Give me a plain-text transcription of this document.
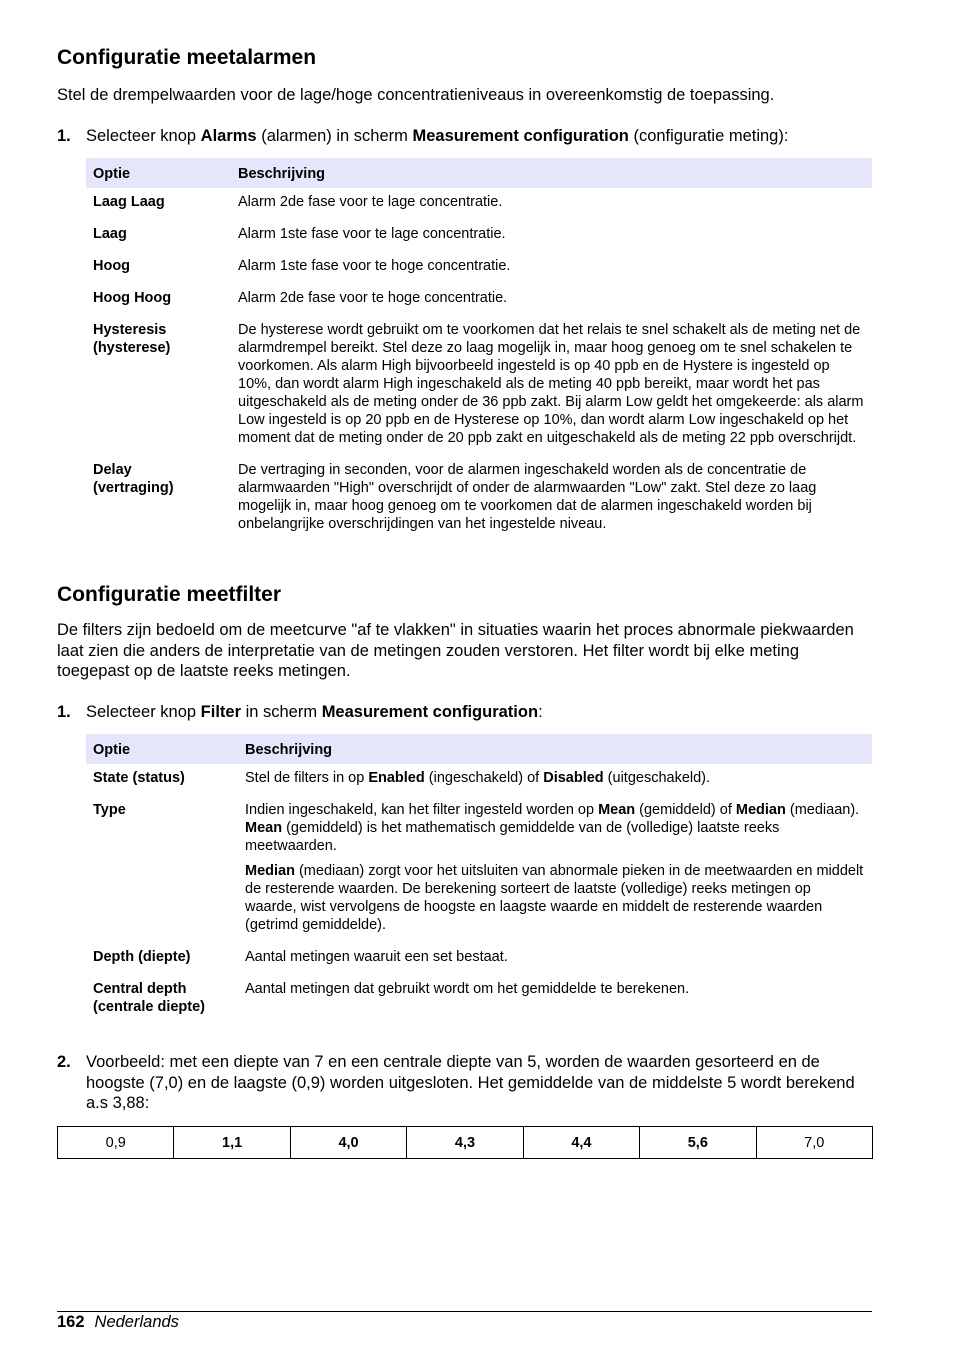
Configuratie meetalarmen
Stel de drempelwaarden voor de lage/hoge concentratieniveaus in overeenkomstig de toepassing.
1. Selecteer knop Alarms (alarmen) in scherm Measurement configuration (configuratie meting):
Optie	Beschrijving
Laag Laag	Alarm 2de fase voor te lage concentratie.
Laag	Alarm 1ste fase voor te lage concentratie.
Hoog	Alarm 1ste fase voor te hoge concentratie.
Hoog Hoog	Alarm 2de fase voor te hoge concentratie.
Hysteresis
(hysterese)	De hysterese wordt gebruikt om te voorkomen dat het relais te snel schakelt als de meting net de alarmdrempel bereikt. Stel deze zo laag mogelijk in, maar hoog genoeg om te snel schakelen te voorkomen. Als alarm High bijvoorbeeld ingesteld is op 40 ppb en de Hystere is ingesteld op 10%, dan wordt alarm High ingeschakeld als de meting 40 ppb bereikt, maar wordt het pas uitgeschakeld als de meting onder de 36 ppb zakt. Bij alarm Low geldt het omgekeerde: als alarm Low ingesteld is op 20 ppb en de Hysterese op 10%, dan wordt alarm Low ingeschakeld op het moment dat de meting onder de 20 ppb zakt en uitgeschakeld als de meting 22 ppb overschrijdt.
Delay
(vertraging)	De vertraging in seconden, voor de alarmen ingeschakeld worden als de concentratie de alarmwaarden "High" overschrijdt of onder de alarmwaarden "Low" zakt. Stel deze zo laag mogelijk in, maar hoog genoeg om te voorkomen dat de alarmen ingeschakeld worden bij onbelangrijke overschrijdingen van het ingestelde niveau.
Configuratie meetfilter
De filters zijn bedoeld om de meetcurve "af te vlakken" in situaties waarin het proces abnormale piekwaarden laat zien die anders de interpretatie van de metingen zouden verstoren. Het filter wordt bij elke meting toegepast op de laatste reeks metingen.
1. Selecteer knop Filter in scherm Measurement configuration:
Optie	Beschrijving
State (status)	Stel de filters in op Enabled (ingeschakeld) of Disabled (uitgeschakeld).
Type	Indien ingeschakeld, kan het filter ingesteld worden op Mean (gemiddeld) of Median (mediaan).
Mean (gemiddeld) is het mathematisch gemiddelde van de (volledige) laatste reeks meetwaarden.
Median (mediaan) zorgt voor het uitsluiten van abnormale pieken in de meetwaarden en middelt de resterende waarden. De berekening sorteert de laatste (volledige) reeks metingen op waarde, wist vervolgens de hoogste en laagste waarde en middelt de resterende waarden (getrimd gemiddelde).

Depth (diepte)	Aantal metingen waaruit een set bestaat.
Central depth
(centrale diepte)	Aantal metingen dat gebruikt wordt om het gemiddelde te berekenen.
2. Voorbeeld: met een diepte van 7 en een centrale diepte van 5, worden de waarden gesorteerd en de hoogste (7,0) en de laagste (0,9) worden uitgesloten. Het gemiddelde van de middelste 5 wordt berekend a.s 3,88:
0,9	1,1	4,0	4,3	4,4	5,6	7,0
162 Nederlands
